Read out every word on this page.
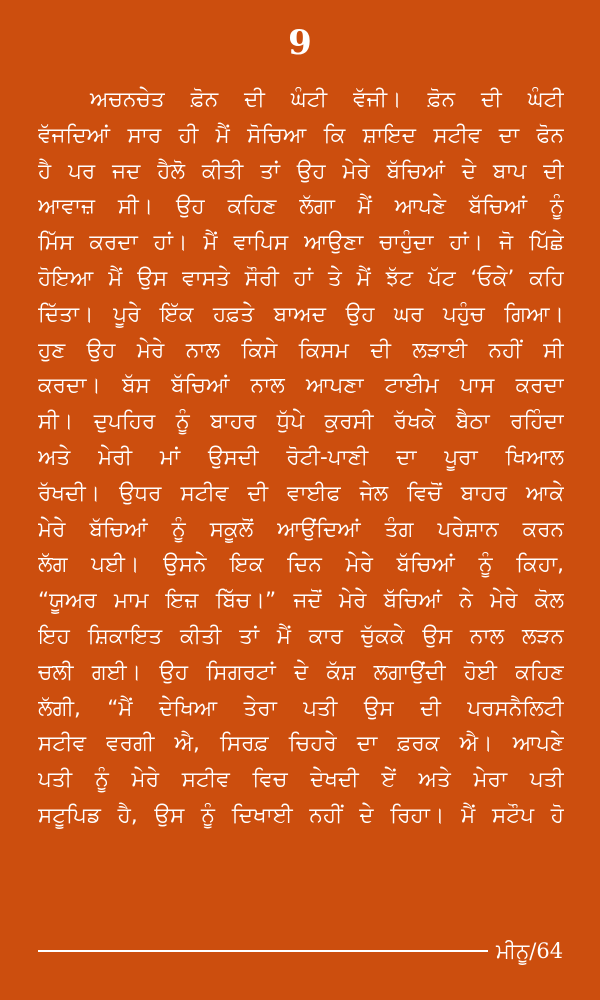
9
ਅਚਨਚੇਤ ਫ਼ੋਨ ਦੀ ਘੰਟੀ ਵੱਜੀ। ਫ਼ੋਨ ਦੀ ਘੰਟੀ
ਵੱਜਦਿਆਂ ਸਾਰ ਹੀ ਮੈਂ ਸੋਚਿਆ ਕਿ ਸ਼ਾਇਦ ਸਟੀਵ ਦਾ ਫੋਨ
ਹੈ ਪਰ ਜਦ ਹੈਲੋ ਕੀਤੀ ਤਾਂ ਉਹ ਮੇਰੇ ਬੱਚਿਆਂ ਦੇ ਬਾਪ ਦੀ
ਆਵਾਜ਼ ਸੀ। ਉਹ ਕਹਿਣ ਲੱਗਾ ਮੈਂ ਆਪਣੇ ਬੱਚਿਆਂ ਨੂੰ
ਮਿੱਸ ਕਰਦਾ ਹਾਂ। ਮੈਂ ਵਾਪਿਸ ਆਉਣਾ ਚਾਹੁੰਦਾ ਹਾਂ। ਜੋ ਪਿੱਛੇ
ਹੋਇਆ ਮੈਂ ਉਸ ਵਾਸਤੇ ਸੌਰੀ ਹਾਂ ਤੇ ਮੈਂ ਝੱਟ ਪੱਟ ‘ਓਕੇ’ ਕਹਿ
ਦਿੱਤਾ। ਪੂਰੇ ਇੱਕ ਹਫ਼ਤੇ ਬਾਅਦ ਉਹ ਘਰ ਪਹੁੰਚ ਗਿਆ।
ਹੁਣ ਉਹ ਮੇਰੇ ਨਾਲ ਕਿਸੇ ਕਿਸਮ ਦੀ ਲੜਾਈ ਨਹੀਂ ਸੀ
ਕਰਦਾ। ਬੱਸ ਬੱਚਿਆਂ ਨਾਲ ਆਪਣਾ ਟਾਈਮ ਪਾਸ ਕਰਦਾ
ਸੀ। ਦੁਪਹਿਰ ਨੂੰ ਬਾਹਰ ਧੁੱਪੇ ਕੁਰਸੀ ਰੱਖਕੇ ਬੈਠਾ ਰਹਿੰਦਾ
ਅਤੇ ਮੇਰੀ ਮਾਂ ਉਸਦੀ ਰੋਟੀ-ਪਾਣੀ ਦਾ ਪੂਰਾ ਖਿਆਲ
ਰੱਖਦੀ। ਉਧਰ ਸਟੀਵ ਦੀ ਵਾਈਫ ਜੇਲ ਵਿਚੋਂ ਬਾਹਰ ਆਕੇ
ਮੇਰੇ ਬੱਚਿਆਂ ਨੂੰ ਸਕੂਲੋਂ ਆਉਂਦਿਆਂ ਤੰਗ ਪਰੇਸ਼ਾਨ ਕਰਨ
ਲੱਗ ਪਈ। ਉਸਨੇ ਇਕ ਦਿਨ ਮੇਰੇ ਬੱਚਿਆਂ ਨੂੰ ਕਿਹਾ,
“ਯੂਅਰ ਮਾਮ ਇਜ਼ ਬਿੱਚ।” ਜਦੋਂ ਮੇਰੇ ਬੱਚਿਆਂ ਨੇ ਮੇਰੇ ਕੋਲ
ਇਹ ਸ਼ਿਕਾਇਤ ਕੀਤੀ ਤਾਂ ਮੈਂ ਕਾਰ ਚੁੱਕਕੇ ਉਸ ਨਾਲ ਲੜਨ
ਚਲੀ ਗਈ। ਉਹ ਸਿਗਰਟਾਂ ਦੇ ਕੱਸ਼ ਲਗਾਉਂਦੀ ਹੋਈ ਕਹਿਣ
ਲੱਗੀ, “ਮੈਂ ਦੇਖਿਆ ਤੇਰਾ ਪਤੀ ਉਸ ਦੀ ਪਰਸਨੈਲਿਟੀ
ਸਟੀਵ ਵਰਗੀ ਐ, ਸਿਰਫ਼ ਚਿਹਰੇ ਦਾ ਫ਼ਰਕ ਐ। ਆਪਣੇ
ਪਤੀ ਨੂੰ ਮੇਰੇ ਸਟੀਵ ਵਿਚ ਦੇਖਦੀ ਏਂ ਅਤੇ ਮੇਰਾ ਪਤੀ
ਸਟੂਪਿਡ ਹੈ, ਉਸ ਨੂੰ ਦਿਖਾਈ ਨਹੀਂ ਦੇ ਰਿਹਾ। ਮੈਂ ਸਟੌਪ ਹੋ
ਮੀਨੂ/64
